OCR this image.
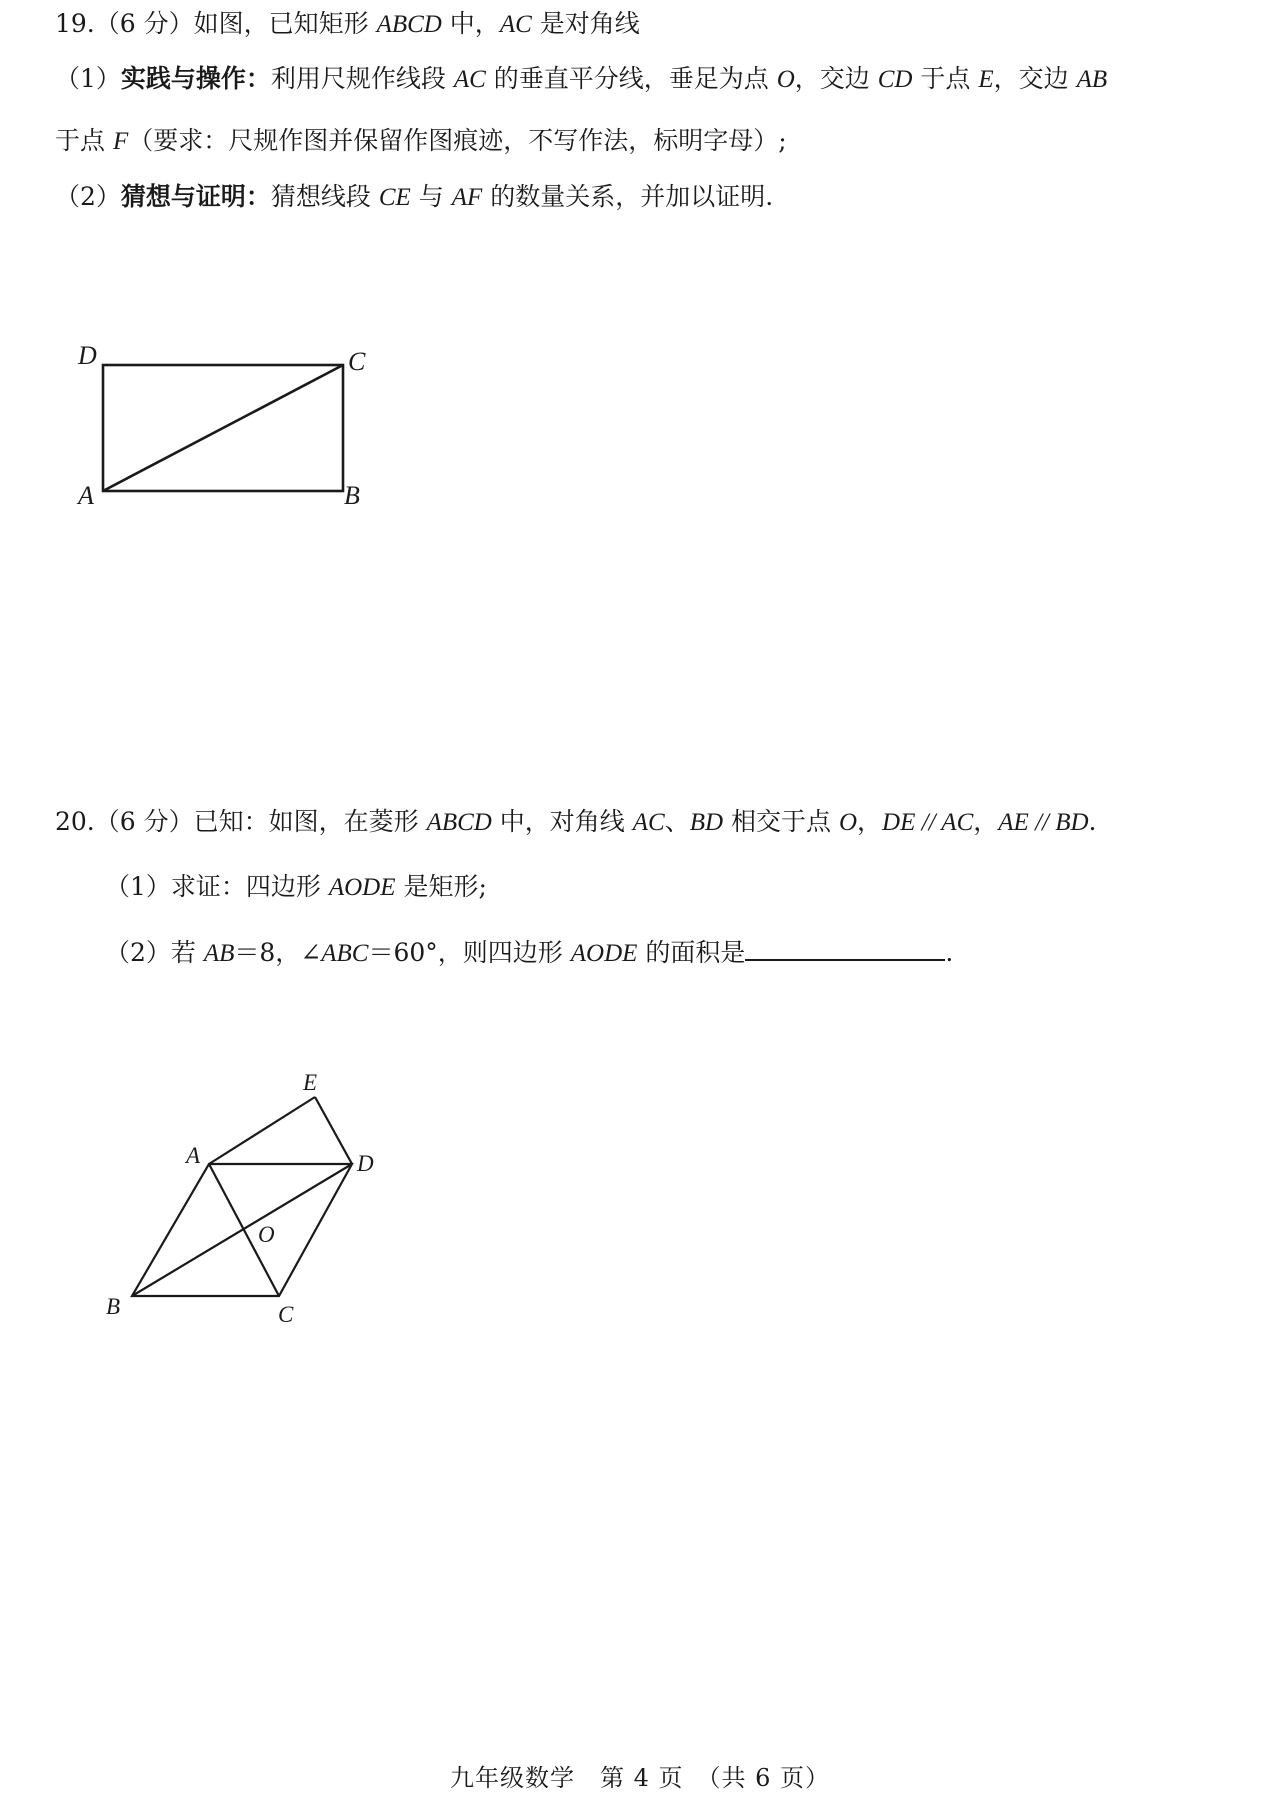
19.（6 分）如图，已知矩形 ABCD 中，AC 是对角线
（1）实践与操作：利用尺规作线段 AC 的垂直平分线，垂足为点 O，交边 CD 于点 E，交边 AB
于点 F（要求：尺规作图并保留作图痕迹，不写作法，标明字母）;
（2）猜想与证明：猜想线段 CE 与 AF 的数量关系，并加以证明.
D	C
A	B
20.（6 分）已知：如图，在菱形 ABCD 中，对角线 AC、BD 相交于点 O，DE // AC，AE // BD.
（1）求证：四边形 AODE 是矩形;
（2）若 AB＝8，∠ABC＝60°，则四边形 AODE 的面积是	.
E
A	D
O
B	C
九年级数学　第 4 页　（共 6 页）
